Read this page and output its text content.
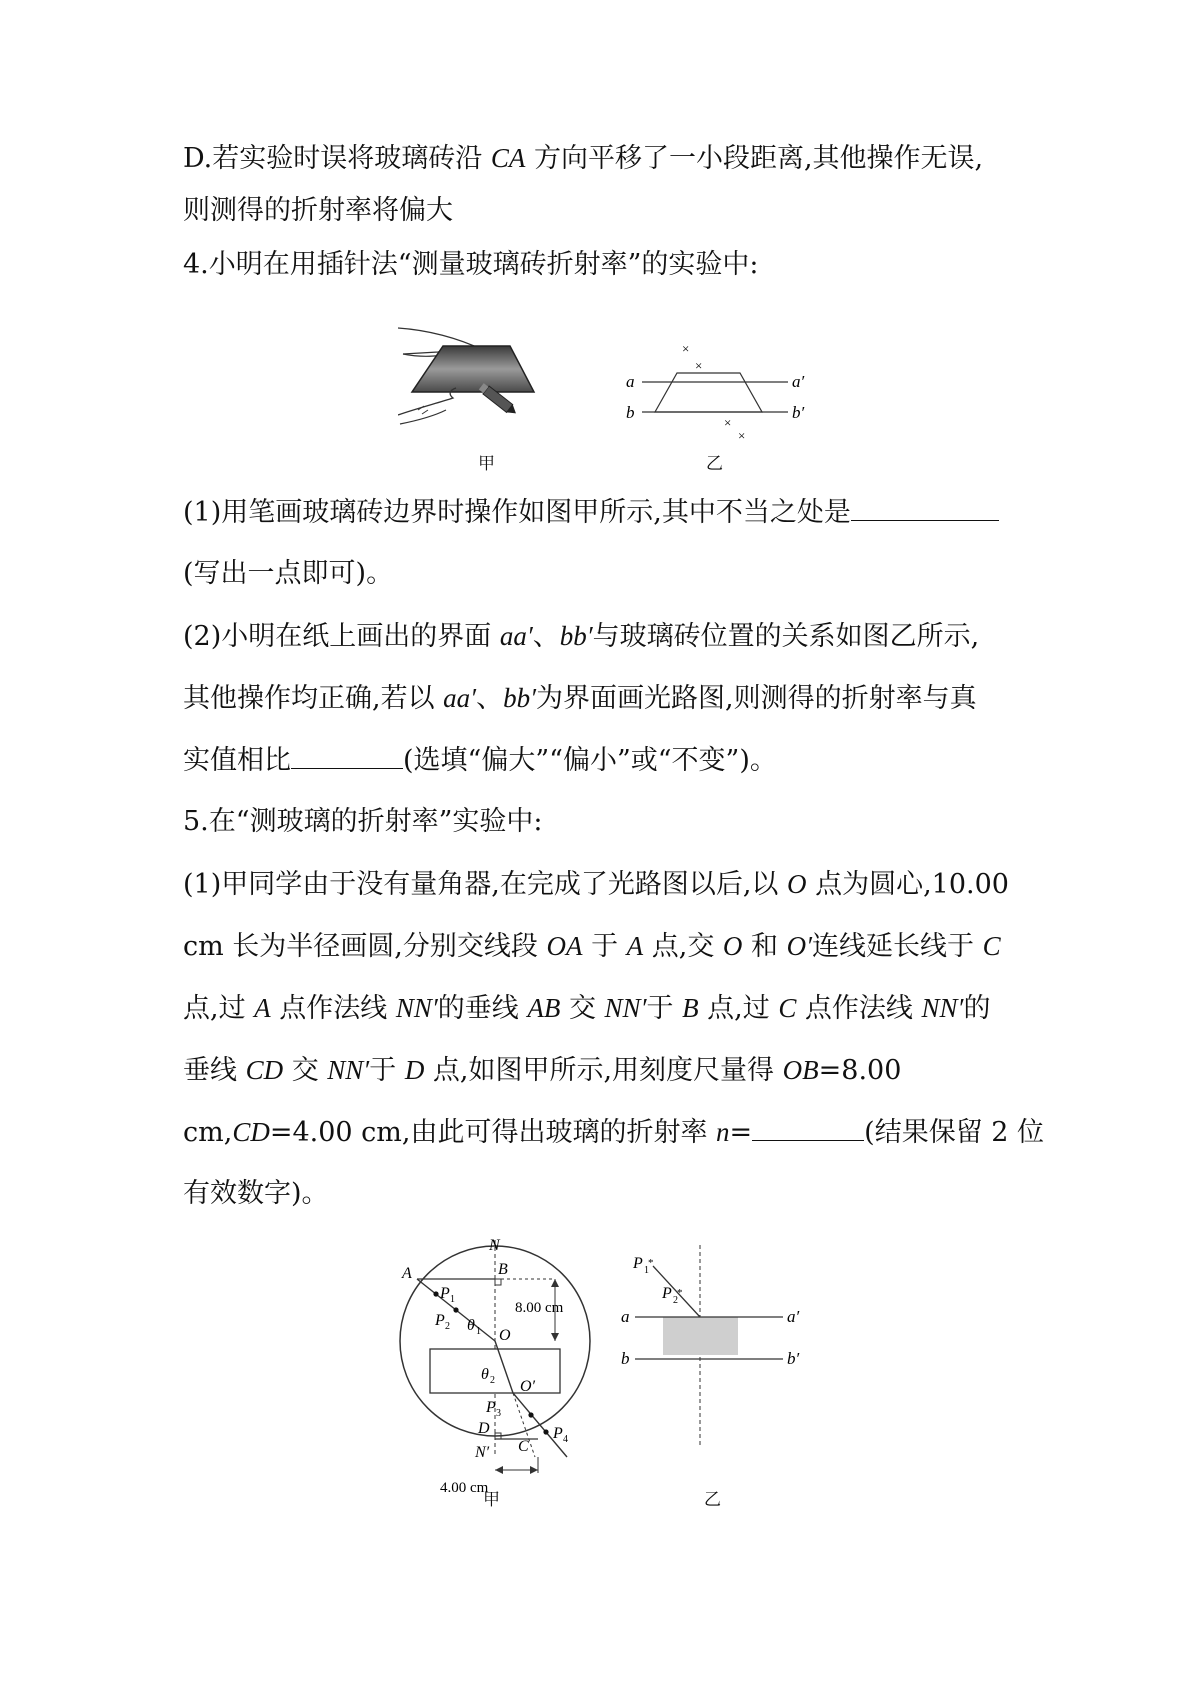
D.若实验时误将玻璃砖沿 CA 方向平移了一小段距离,其他操作无误,
则测得的折射率将偏大
4.小明在用插针法“测量玻璃砖折射率”的实验中:
甲
a	a′
b	b′
×
×
×
×
乙
(1)用笔画玻璃砖边界时操作如图甲所示,其中不当之处是
(写出一点即可)。
(2)小明在纸上画出的界面 aa′、bb′与玻璃砖位置的关系如图乙所示,
其他操作均正确,若以 aa′、bb′为界面画光路图,则测得的折射率与真
实值相比	(选填“偏大”“偏小”或“不变”)。
5.在“测玻璃的折射率”实验中:
(1)甲同学由于没有量角器,在完成了光路图以后,以 O 点为圆心,10.00
cm 长为半径画圆,分别交线段 OA 于 A 点,交 O 和 O′连线延长线于 C
点,过 A 点作法线 NN′的垂线 AB 交 NN′于 B 点,过 C 点作法线 NN′的
垂线 CD 交 NN′于 D 点,如图甲所示,用刻度尺量得 OB=8.00
cm,CD=4.00 cm,由此可得出玻璃的折射率 n=	(结果保留 2 位
有效数字)。
8.00 cm
4.00 cm
N
N′
A	B
O
O′
D
C
P 1
P 2 θ 1
θ 2
P 3
P 4
甲
a	a′
b	b′
P 1
P 2
*
*
乙
